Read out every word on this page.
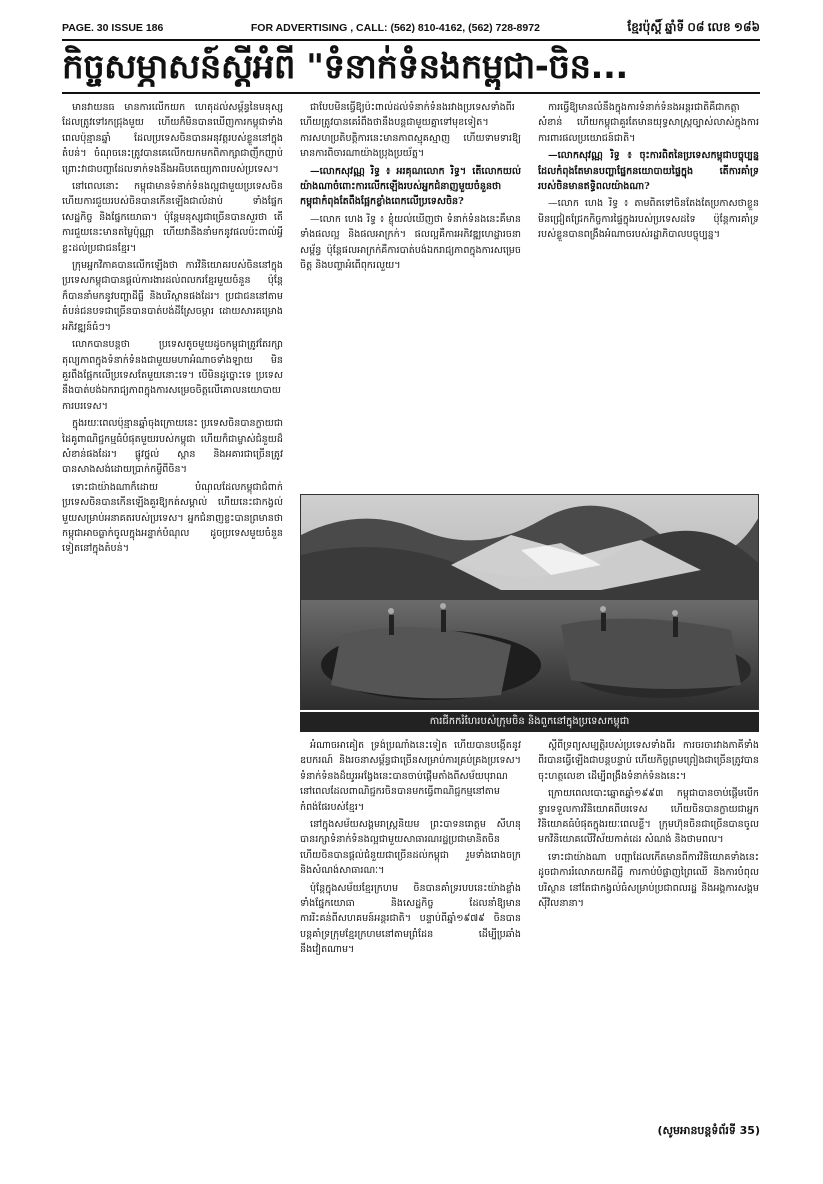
PAGE. 30 ISSUE 186	FOR ADVERTISING , CALL: (562) 810-4162, (562) 728-8972	ខ្មែរប៉ុស្តិ៍ ឆ្នាំទី ០៨ លេខ ១៨៦
កិច្ចសម្ភាសន៍ស្តីអំពី "ទំនាក់ទំនងកម្ពុជា-ចិន...

មានវាយនធ មានការលើកយក ហេតុដល់សម្ព័ន្ធនៃមនុស្សដែលត្រូវទៅរកជ្រុងមួយ ហើយក៏មិនបានឃើញការកម្ពុជាទាំងពេលប៉ុន្មានឆ្នាំ ដែលប្រទេសចិនបានអនុវត្តរបស់ខ្លួននៅក្នុងតំបន់។ ចំណុចនេះត្រូវបានគេលើកយកមកពិភាក្សាជាញឹកញាប់ ព្រោះវាជាបញ្ហាដែលទាក់ទងនឹងអធិបតេយ្យភាពរបស់ប្រទេស។

នៅពេលនោះ កម្ពុជាមានទំនាក់ទំនងល្អជាមួយប្រទេសចិន ហើយការជួយរបស់ចិនបានកើនឡើងជាលំដាប់ ទាំងផ្នែកសេដ្ឋកិច្ច និងផ្នែកយោធា។ ប៉ុន្តែមនុស្សជាច្រើនបានសួរថា តើការជួយនេះមានតម្លៃប៉ុណ្ណា ហើយវានឹងនាំមកនូវផលប៉ះពាល់អ្វីខ្លះដល់ប្រជាជនខ្មែរ។

ក្រុមអ្នកវិភាគបានលើកឡើងថា ការវិនិយោគរបស់ចិននៅក្នុងប្រទេសកម្ពុជាបានផ្តល់ការងារដល់ពលករខ្មែរមួយចំនួន ប៉ុន្តែក៏បាននាំមកនូវបញ្ហាដីធ្លី និងបរិស្ថានផងដែរ។ ប្រជាជននៅតាមតំបន់ជនបទជាច្រើនបានបាត់បង់ដីស្រែចម្ការ ដោយសារគម្រោងអភិវឌ្ឍន៍ធំៗ។

លោកបានបន្តថា ប្រទេសតូចមួយដូចកម្ពុជាត្រូវតែរក្សាតុល្យភាពក្នុងទំនាក់ទំនងជាមួយមហាអំណាចទាំងឡាយ មិនគួរពឹងផ្អែកលើប្រទេសតែមួយនោះទេ។ បើមិនដូច្នោះទេ ប្រទេសនឹងបាត់បង់ឯករាជ្យភាពក្នុងការសម្រេចចិត្តលើគោលនយោបាយការបរទេស។

ក្នុងរយៈពេលប៉ុន្មានឆ្នាំចុងក្រោយនេះ ប្រទេសចិនបានក្លាយជាដៃគូពាណិជ្ជកម្មធំបំផុតមួយរបស់កម្ពុជា ហើយក៏ជាម្ចាស់ជំនួយដ៏សំខាន់ផងដែរ។ ផ្លូវថ្នល់ ស្ពាន និងអគារជាច្រើនត្រូវបានសាងសង់ដោយប្រាក់កម្ចីពីចិន។

ទោះជាយ៉ាងណាក៏ដោយ បំណុលដែលកម្ពុជាជំពាក់ប្រទេសចិនបានកើនឡើងគួរឱ្យកត់សម្គាល់ ហើយនេះជាកង្វល់មួយសម្រាប់អនាគតរបស់ប្រទេស។ អ្នកជំនាញខ្លះបានព្រមានថា កម្ពុជាអាចធ្លាក់ចូលក្នុងអន្ទាក់បំណុល ដូចប្រទេសមួយចំនួនទៀតនៅក្នុងតំបន់។

ជាបែបមិនធ្វើឱ្យប៉ះពាល់ដល់ទំនាក់ទំនងរវាងប្រទេសទាំងពីរ ហើយត្រូវបានគេរំពឹងថានឹងបន្តជាមួយគ្នាទៅមុខទៀត។ ការសហប្រតិបត្តិការនេះមានភាពស្មុគស្មាញ ហើយទាមទារឱ្យមានការពិចារណាយ៉ាងប្រុងប្រយ័ត្ន។

—លោកសុវណ្ណ រិទ្ធ ៖ អរគុណលោក រិទ្ធ។ តើលោកយល់យ៉ាងណាចំពោះការលើកឡើងរបស់អ្នកជំនាញមួយចំនួនថា កម្ពុជាកំពុងតែពឹងផ្អែកខ្លាំងពេកលើប្រទេសចិន?

—លោក ហេង រិទ្ធ ៖ ខ្ញុំយល់ឃើញថា ទំនាក់ទំនងនេះគឺមានទាំងផលល្អ និងផលអាក្រក់។ ផលល្អគឺការអភិវឌ្ឍហេដ្ឋារចនាសម្ព័ន្ធ ប៉ុន្តែផលអាក្រក់គឺការបាត់បង់ឯករាជ្យភាពក្នុងការសម្រេចចិត្ត និងបញ្ហាអំពើពុករលួយ។

ការធ្វើឱ្យមានលំនឹងក្នុងការទំនាក់ទំនងអន្តរជាតិគឺជាកត្តាសំខាន់ ហើយកម្ពុជាគួរតែមានយុទ្ធសាស្ត្រច្បាស់លាស់ក្នុងការការពារផលប្រយោជន៍ជាតិ។

—លោកសុវណ្ណ រិទ្ធ ៖ ចុះការពិតនៃប្រទេសកម្ពុជាបច្ចុប្បន្នដែលកំពុងតែមានបញ្ហាផ្នែកនយោបាយផ្ទៃក្នុង តើការគាំទ្ររបស់ចិនមានឥទ្ធិពលយ៉ាងណា?

—លោក ហេង រិទ្ធ ៖ តាមពិតទៅចិនតែងតែប្រកាសថាខ្លួនមិនជ្រៀតជ្រែកកិច្ចការផ្ទៃក្នុងរបស់ប្រទេសដទៃ ប៉ុន្តែការគាំទ្ររបស់ខ្លួនបានពង្រឹងអំណាចរបស់រដ្ឋាភិបាលបច្ចុប្បន្ន។

ការជីកករំហែរបស់ក្រុមចិន និងពួកនៅក្នុងប្រទេសកម្ពុជា

អំណាចអាគៀត ទ្រង់ប្រណាំងនេះទៀត ហើយបានបង្កើតនូវឧបករណ៍ និងរចនាសម្ព័ន្ធជាច្រើនសម្រាប់ការគ្រប់គ្រងប្រទេស។ ទំនាក់ទំនងដ៏យូរអង្វែងនេះបានចាប់ផ្តើមតាំងពីសម័យបុរាណ នៅពេលដែលពាណិជ្ជករចិនបានមកធ្វើពាណិជ្ជកម្មនៅតាមកំពង់ផែរបស់ខ្មែរ។

នៅក្នុងសម័យសង្គមរាស្ត្រនិយម ព្រះបាទនរោត្តម សីហនុ បានរក្សាទំនាក់ទំនងល្អជាមួយសាធារណរដ្ឋប្រជាមានិតចិន ហើយចិនបានផ្តល់ជំនួយជាច្រើនដល់កម្ពុជា រួមទាំងរោងចក្រ និងសំណង់សាធារណៈ។

ប៉ុន្តែក្នុងសម័យខ្មែរក្រហម ចិនបានគាំទ្ររបបនេះយ៉ាងខ្លាំង ទាំងផ្នែកយោធា និងសេដ្ឋកិច្ច ដែលនាំឱ្យមានការរិះគន់ពីសហគមន៍អន្តរជាតិ។ បន្ទាប់ពីឆ្នាំ១៩៧៩ ចិនបានបន្តគាំទ្រក្រុមខ្មែរក្រហមនៅតាមព្រំដែន ដើម្បីប្រឆាំងនឹងវៀតណាម។

ស្តីពីទ្រព្យសម្បត្តិរបស់ប្រទេសទាំងពីរ ការចរចារវាងភាគីទាំងពីរបានធ្វើឡើងជាបន្តបន្ទាប់ ហើយកិច្ចព្រមព្រៀងជាច្រើនត្រូវបានចុះហត្ថលេខា ដើម្បីពង្រឹងទំនាក់ទំនងនេះ។

ក្រោយពេលបោះឆ្នោតឆ្នាំ១៩៩៣ កម្ពុជាបានចាប់ផ្តើមបើកទ្វារទទួលការវិនិយោគពីបរទេស ហើយចិនបានក្លាយជាអ្នកវិនិយោគធំបំផុតក្នុងរយៈពេលខ្លី។ ក្រុមហ៊ុនចិនជាច្រើនបានចូលមកវិនិយោគលើវិស័យកាត់ដេរ សំណង់ និងថាមពល។

ទោះជាយ៉ាងណា បញ្ហាដែលកើតមានពីការវិនិយោគទាំងនេះ ដូចជាការរំលោភយកដីធ្លី ការកាប់បំផ្លាញព្រៃឈើ និងការបំពុលបរិស្ថាន នៅតែជាកង្វល់ធំសម្រាប់ប្រជាពលរដ្ឋ និងអង្គការសង្គមស៊ីវិលនានា។

(សូមអានបន្តទំព័រទី 35)
